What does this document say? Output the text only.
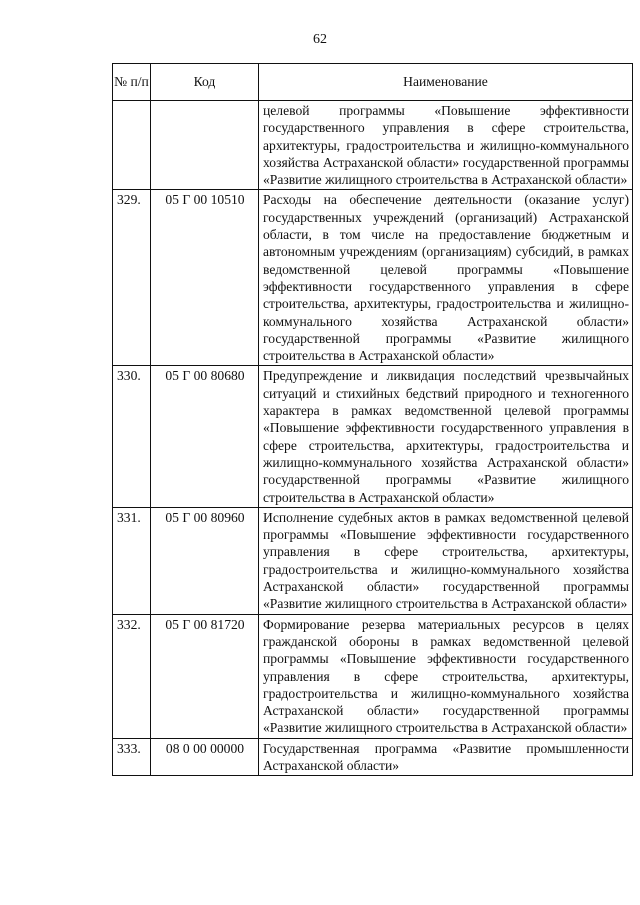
62
№ п/п	Код	Наименование
		целевой программы «Повышение эффективности государственного управления в сфере строительства, архитектуры, градостроительства и жилищно-коммунального хозяйства Астраханской области» государственной программы «Развитие жилищного строительства в Астраханской области»
329.	05 Г 00 10510	Расходы на обеспечение деятельности (оказание услуг) государственных учреждений (организаций) Астраханской области, в том числе на предоставление бюджетным и автономным учреждениям (организациям) субсидий, в рамках ведомственной целевой программы «Повышение эффективности государственного управления в сфере строительства, архитектуры, градостроительства и жилищно-коммунального хозяйства Астраханской области» государственной программы «Развитие жилищного строительства в Астраханской области»
330.	05 Г 00 80680	Предупреждение и ликвидация последствий чрезвычайных ситуаций и стихийных бедствий природного и техногенного характера в рамках ведомственной целевой программы «Повышение эффективности государственного управления в сфере строительства, архитектуры, градостроительства и жилищно-коммунального хозяйства Астраханской области» государственной программы «Развитие жилищного строительства в Астраханской области»
331.	05 Г 00 80960	Исполнение судебных актов в рамках ведомственной целевой программы «Повышение эффективности государственного управления в сфере строительства, архитектуры, градостроительства и жилищно-коммунального хозяйства Астраханской области» государственной программы «Развитие жилищного строительства в Астраханской области»
332.	05 Г 00 81720	Формирование резерва материальных ресурсов в целях гражданской обороны в рамках ведомственной целевой программы «Повышение эффективности государственного управления в сфере строительства, архитектуры, градостроительства и жилищно-коммунального хозяйства Астраханской области» государственной программы «Развитие жилищного строительства в Астраханской области»
333.	08 0 00 00000	Государственная программа «Развитие промышленности Астраханской области»
